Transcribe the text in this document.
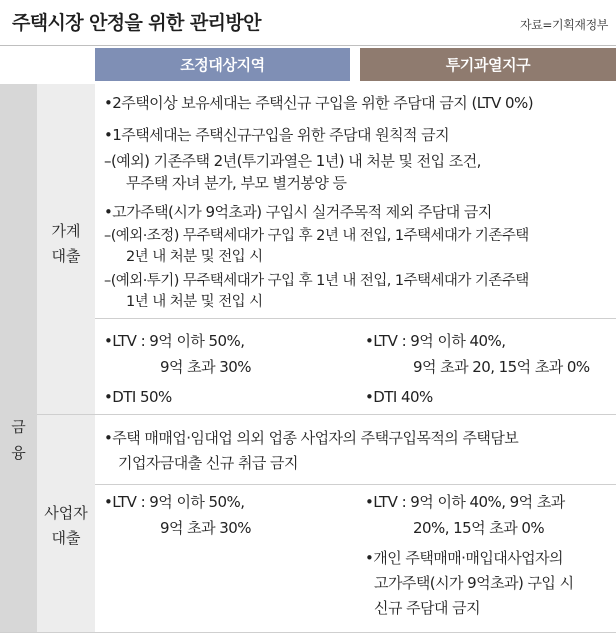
주택시장 안정을 위한 관리방안	자료=기획재정부
조정대상지역	투기과열지구
금
융
가계
대출
사업자
대출
•2주택이상 보유세대는 주택신규 구입을 위한 주담대 금지 (LTV 0%)
•1주택세대는 주택신규구입을 위한 주담대 원칙적 금지
–(예외) 기존주택 2년(투기과열은 1년) 내 처분 및 전입 조건,
무주택 자녀 분가, 부모 별거봉양 등
•고가주택(시가 9억초과) 구입시 실거주목적 제외 주담대 금지
–(예외·조정) 무주택세대가 구입 후 2년 내 전입, 1주택세대가 기존주택
2년 내 처분 및 전입 시
–(예외·투기) 무주택세대가 구입 후 1년 내 전입, 1주택세대가 기존주택
1년 내 처분 및 전입 시
•LTV : 9억 이하 50%,
9억 초과 30%
•DTI 50%
•LTV : 9억 이하 40%,
9억 초과 20, 15억 초과 0%
•DTI 40%
•주택 매매업·임대업 의외 업종 사업자의 주택구입목적의 주택담보
기업자금대출 신규 취급 금지
•LTV : 9억 이하 50%,
9억 초과 30%
•LTV : 9억 이하 40%, 9억 초과
20%, 15억 초과 0%
•개인 주택매매·매입대사업자의
고가주택(시가 9억초과) 구입 시
신규 주담대 금지
